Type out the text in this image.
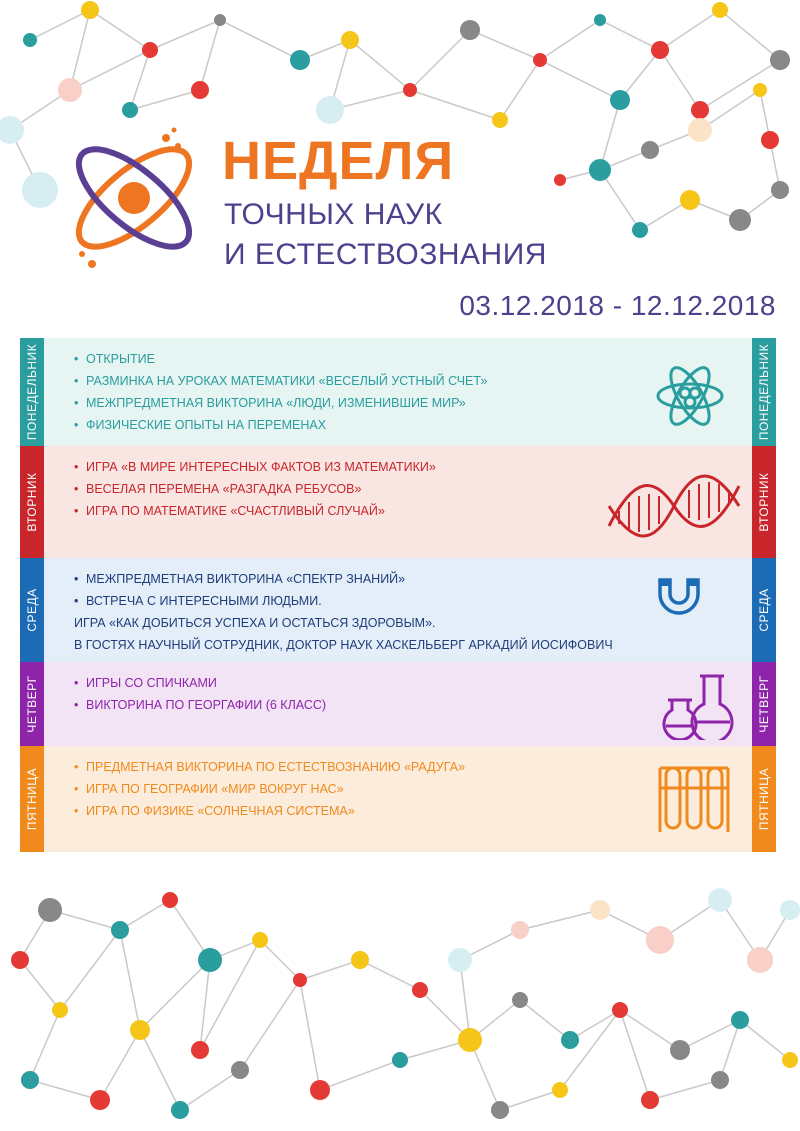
НЕДЕЛЯ
ТОЧНЫХ НАУК
И ЕСТЕСТВОЗНАНИЯ
03.12.2018 - 12.12.2018
ПОНЕДЕЛЬНИК	• ОТКРЫТИЕ
• РАЗМИНКА НА УРОКАХ МАТЕМАТИКИ «ВЕСЕЛЫЙ УСТНЫЙ СЧЕТ»
• МЕЖПРЕДМЕТНАЯ ВИКТОРИНА «ЛЮДИ, ИЗМЕНИВШИЕ МИР»
• ФИЗИЧЕСКИЕ ОПЫТЫ НА ПЕРЕМЕНАХ	ПОНЕДЕЛЬНИК
ВТОРНИК
• ИГРА «В МИРЕ ИНТЕРЕСНЫХ ФАКТОВ ИЗ МАТЕМАТИКИ»
• ВЕСЕЛАЯ ПЕРЕМЕНА «РАЗГАДКА РЕБУСОВ»
• ИГРА ПО МАТЕМАТИКЕ «СЧАСТЛИВЫЙ СЛУЧАЙ»	ВТОРНИК
СРЕДА
• МЕЖПРЕДМЕТНАЯ ВИКТОРИНА «СПЕКТР ЗНАНИЙ»
• ВСТРЕЧА С ИНТЕРЕСНЫМИ ЛЮДЬМИ.
ИГРА «КАК ДОБИТЬСЯ УСПЕХА И ОСТАТЬСЯ ЗДОРОВЫМ».
В ГОСТЯХ НАУЧНЫЙ СОТРУДНИК, ДОКТОР НАУК ХАСКЕЛЬБЕРГ АРКАДИЙ ИОСИФОВИЧ
СРЕДА
ЧЕТВЕРГ	• ИГРЫ СО СПИЧКАМИ
• ВИКТОРИНА ПО ГЕОРГАФИИ (6 КЛАСС)	ЧЕТВЕРГ
ПЯТНИЦА
• ПРЕДМЕТНАЯ ВИКТОРИНА ПО ЕСТЕСТВОЗНАНИЮ «РАДУГА»
• ИГРА ПО ГЕОГРАФИИ «МИР ВОКРУГ НАС»
• ИГРА ПО ФИЗИКЕ «СОЛНЕЧНАЯ СИСТЕМА»	ПЯТНИЦА
